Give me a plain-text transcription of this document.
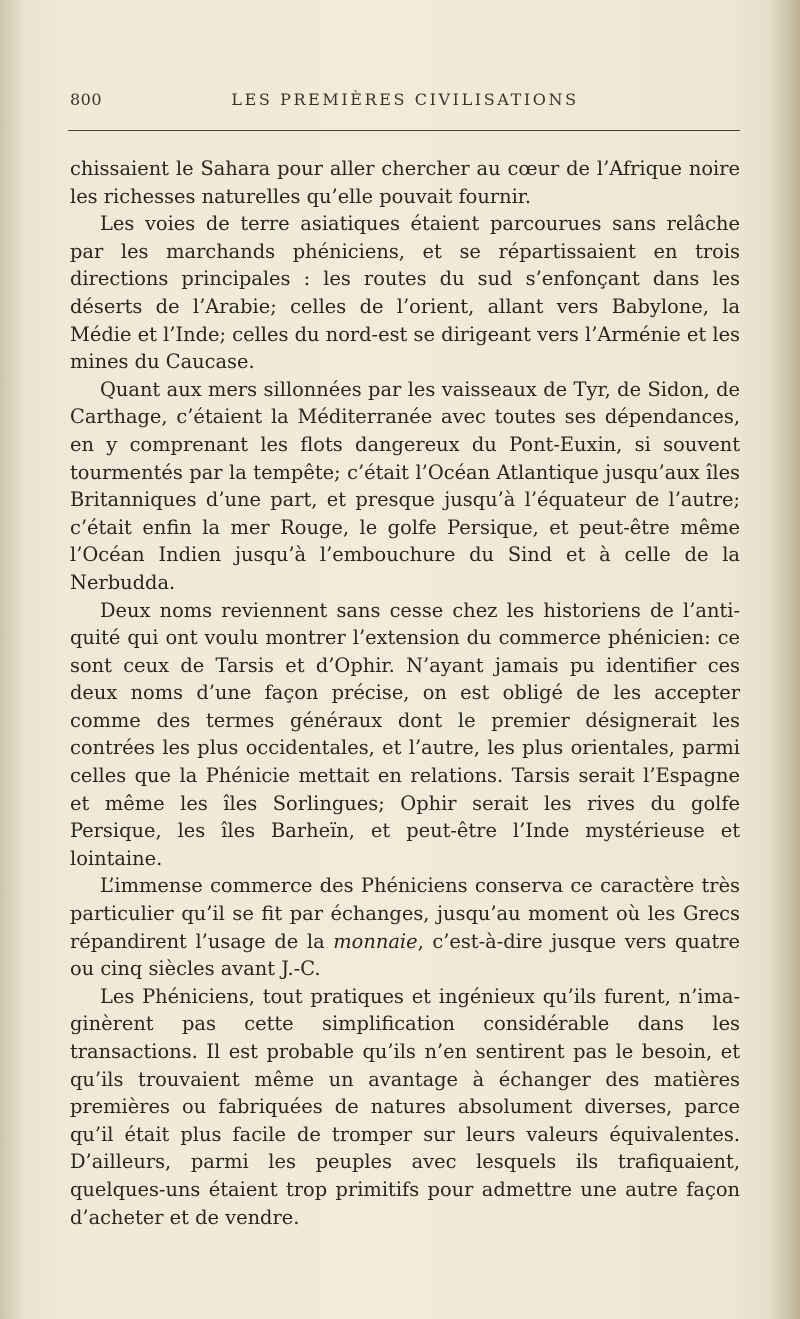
800	LES PREMIÈRES CIVILISATIONS

chissaient le Sahara pour aller chercher au cœur de l’Afrique noire les richesses naturelles qu’elle pouvait fournir.

Les voies de terre asiatiques étaient parcourues sans relâche par les marchands phéniciens, et se répartissaient en trois directions principales : les routes du sud s’enfonçant dans les déserts de l’Arabie; celles de l’orient, allant vers Babylone, la Médie et l’Inde; celles du nord-est se dirigeant vers l’Arménie et les mines du Caucase.

Quant aux mers sillonnées par les vaisseaux de Tyr, de Sidon, de Carthage, c’étaient la Méditerranée avec toutes ses dépendances, en y comprenant les flots dangereux du Pont-Euxin, si souvent tourmentés par la tempête; c’était l’Océan Atlantique jusqu’aux îles Britanniques d’une part, et presque jusqu’à l’équateur de l’autre; c’était enfin la mer Rouge, le golfe Persique, et peut-être même l’Océan Indien jusqu’à l’embouchure du Sind et à celle de la Nerbudda.

Deux noms reviennent sans cesse chez les historiens de l’anti-quité qui ont voulu montrer l’extension du commerce phénicien: ce sont ceux de Tarsis et d’Ophir. N’ayant jamais pu identifier ces deux noms d’une façon précise, on est obligé de les accepter comme des termes généraux dont le premier désignerait les contrées les plus occidentales, et l’autre, les plus orientales, parmi celles que la Phénicie mettait en relations. Tarsis serait l’Espagne et même les îles Sorlingues; Ophir serait les rives du golfe Persique, les îles Barheïn, et peut-être l’Inde mystérieuse et lointaine.

L’immense commerce des Phéniciens conserva ce caractère très particulier qu’il se fit par échanges, jusqu’au moment où les Grecs répandirent l’usage de la monnaie, c’est-à-dire jusque vers quatre ou cinq siècles avant J.-C.

Les Phéniciens, tout pratiques et ingénieux qu’ils furent, n’ima-ginèrent pas cette simplification considérable dans les transactions. Il est probable qu’ils n’en sentirent pas le besoin, et qu’ils trouvaient même un avantage à échanger des matières premières ou fabriquées de natures absolument diverses, parce qu’il était plus facile de tromper sur leurs valeurs équivalentes. D’ailleurs, parmi les peuples avec lesquels ils trafiquaient, quelques-uns étaient trop primitifs pour admettre une autre façon d’acheter et de vendre.
